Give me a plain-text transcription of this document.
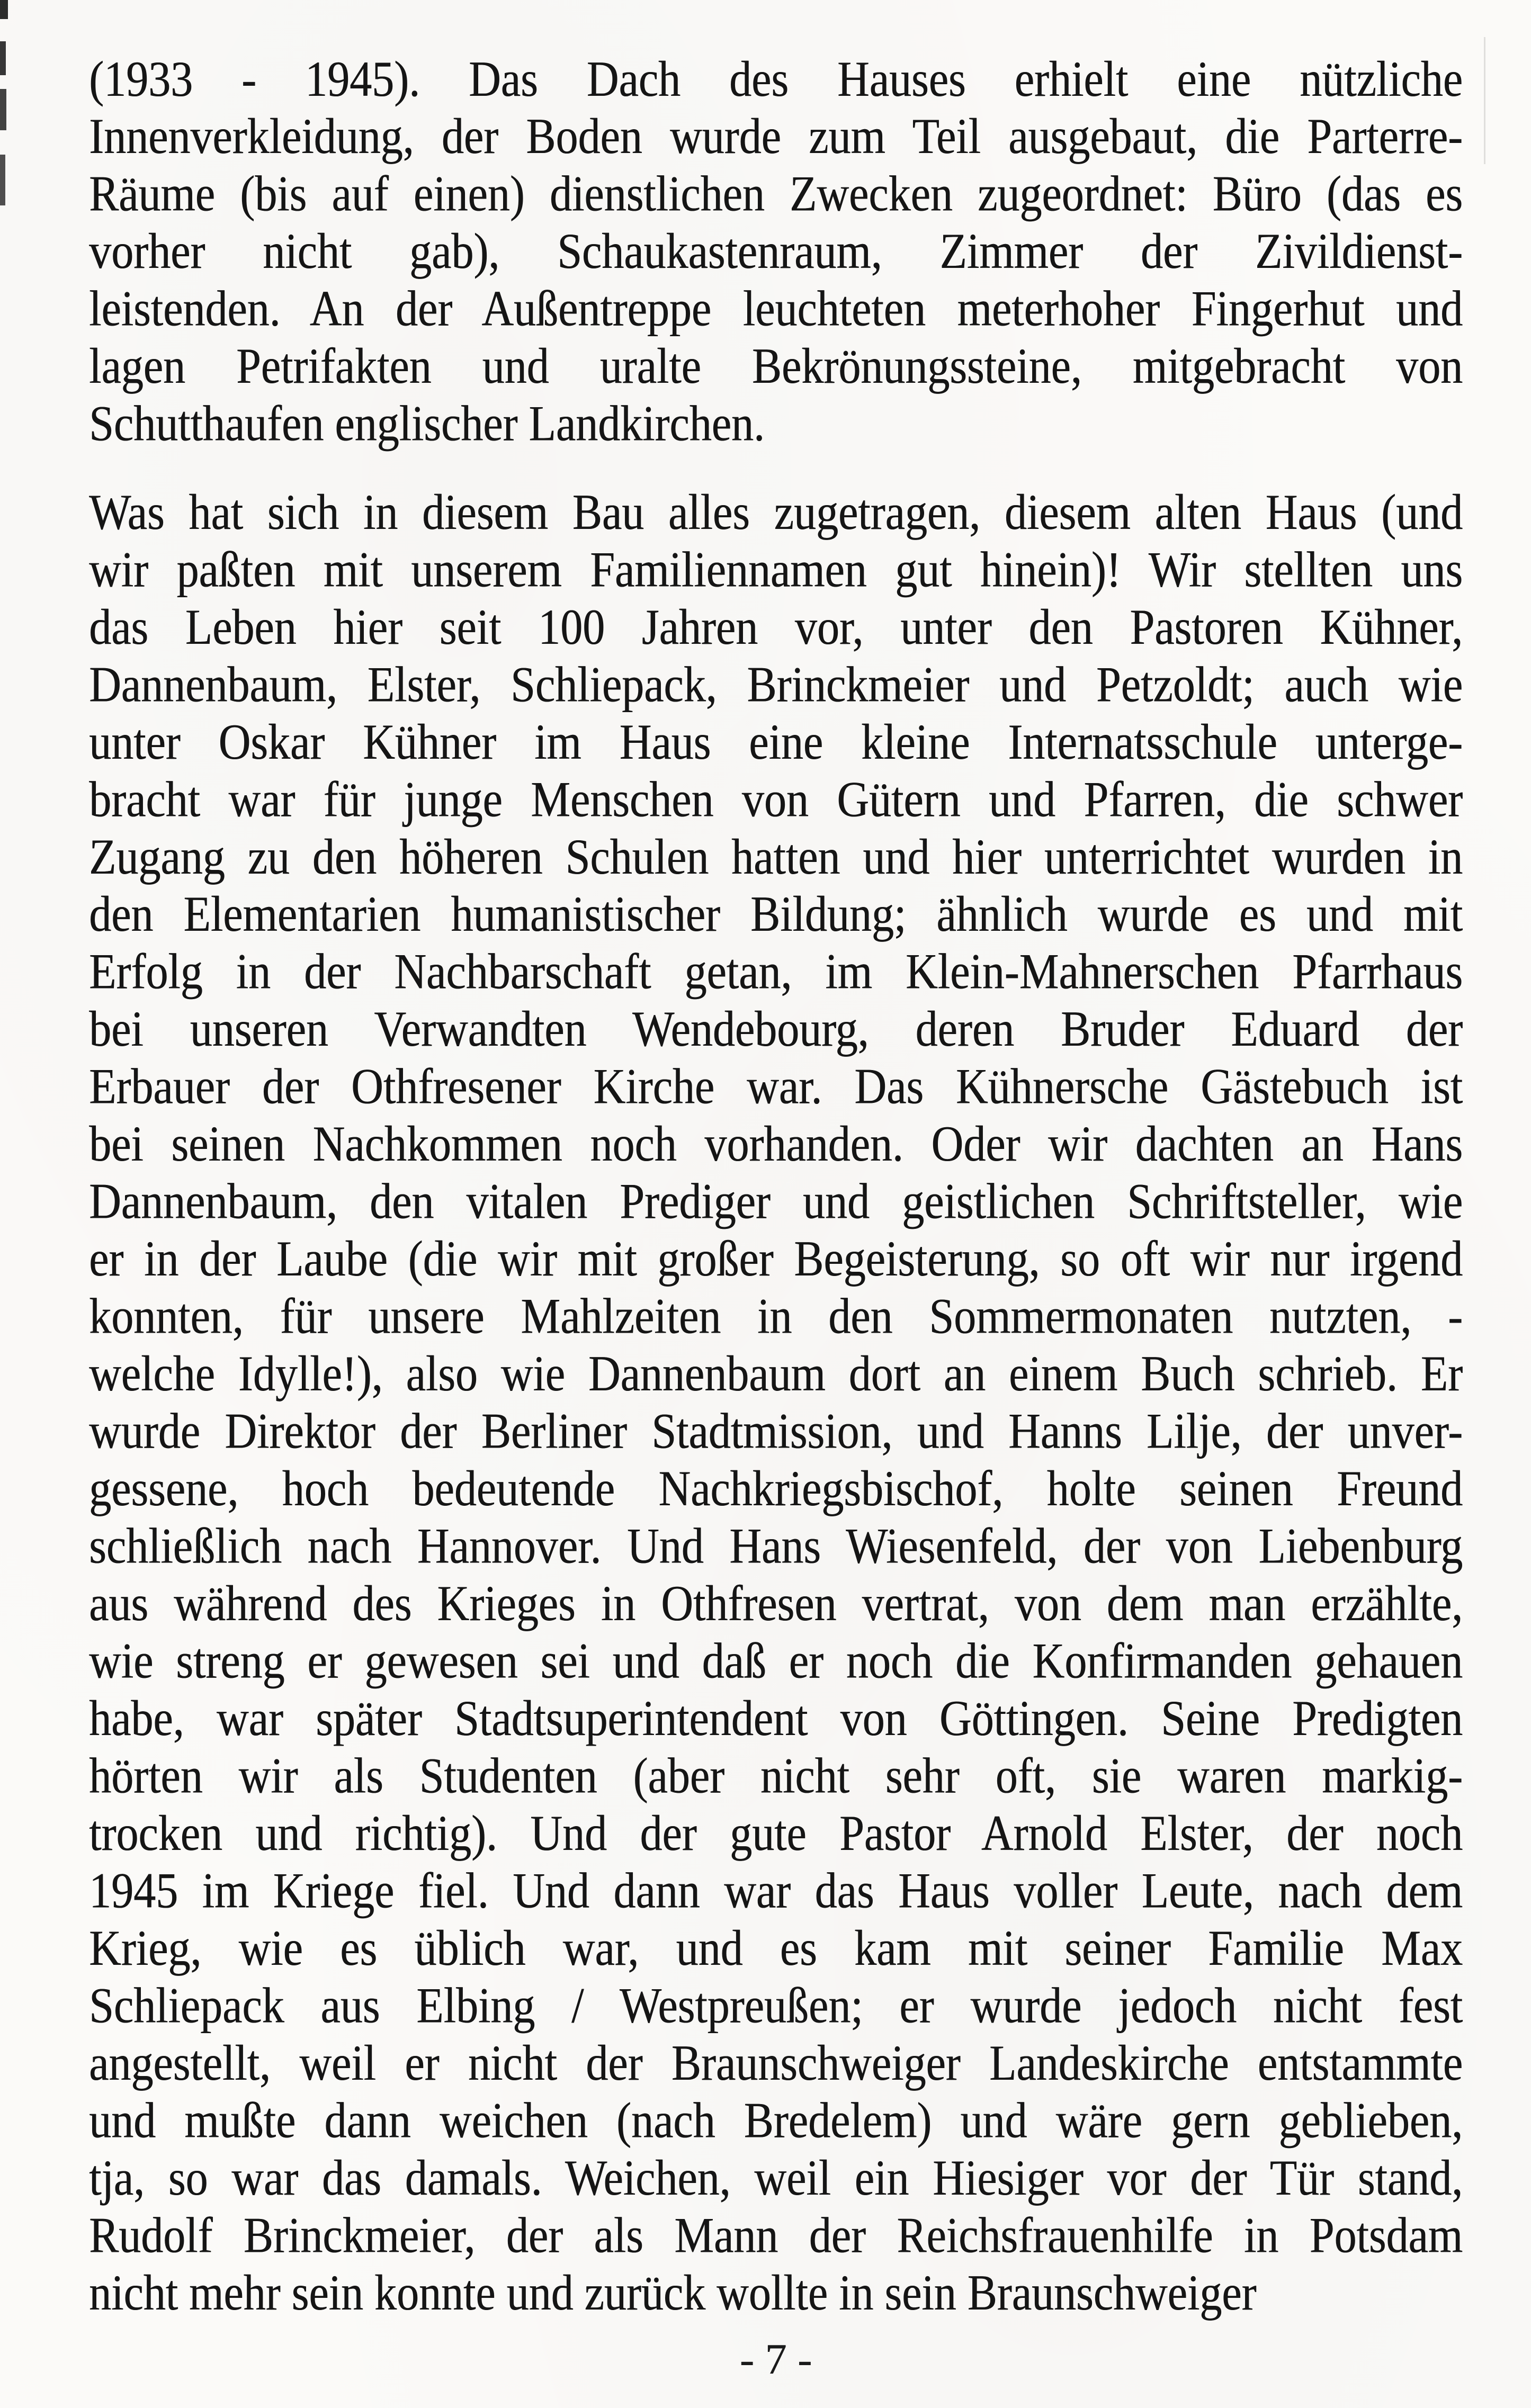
(1933 - 1945). Das Dach des Hauses erhielt eine nützliche
Innenverkleidung, der Boden wurde zum Teil ausgebaut, die Parterre-
Räume (bis auf einen) dienstlichen Zwecken zugeordnet: Büro (das es
vorher nicht gab), Schaukastenraum, Zimmer der Zivildienst-
leistenden. An der Außentreppe leuchteten meterhoher Fingerhut und
lagen Petrifakten und uralte Bekrönungssteine, mitgebracht von
Schutthaufen englischer Landkirchen.
Was hat sich in diesem Bau alles zugetragen, diesem alten Haus (und
wir paßten mit unserem Familiennamen gut hinein)! Wir stellten uns
das Leben hier seit 100 Jahren vor, unter den Pastoren Kühner,
Dannenbaum, Elster, Schliepack, Brinckmeier und Petzoldt; auch wie
unter Oskar Kühner im Haus eine kleine Internatsschule unterge-
bracht war für junge Menschen von Gütern und Pfarren, die schwer
Zugang zu den höheren Schulen hatten und hier unterrichtet wurden in
den Elementarien humanistischer Bildung; ähnlich wurde es und mit
Erfolg in der Nachbarschaft getan, im Klein-Mahnerschen Pfarrhaus
bei unseren Verwandten Wendebourg, deren Bruder Eduard der
Erbauer der Othfresener Kirche war. Das Kühnersche Gästebuch ist
bei seinen Nachkommen noch vorhanden. Oder wir dachten an Hans
Dannenbaum, den vitalen Prediger und geistlichen Schriftsteller, wie
er in der Laube (die wir mit großer Begeisterung, so oft wir nur irgend
konnten, für unsere Mahlzeiten in den Sommermonaten nutzten, -
welche Idylle!), also wie Dannenbaum dort an einem Buch schrieb. Er
wurde Direktor der Berliner Stadtmission, und Hanns Lilje, der unver-
gessene, hoch bedeutende Nachkriegsbischof, holte seinen Freund
schließlich nach Hannover. Und Hans Wiesenfeld, der von Liebenburg
aus während des Krieges in Othfresen vertrat, von dem man erzählte,
wie streng er gewesen sei und daß er noch die Konfirmanden gehauen
habe, war später Stadtsuperintendent von Göttingen. Seine Predigten
hörten wir als Studenten (aber nicht sehr oft, sie waren markig-
trocken und richtig). Und der gute Pastor Arnold Elster, der noch
1945 im Kriege fiel. Und dann war das Haus voller Leute, nach dem
Krieg, wie es üblich war, und es kam mit seiner Familie Max
Schliepack aus Elbing / Westpreußen; er wurde jedoch nicht fest
angestellt, weil er nicht der Braunschweiger Landeskirche entstammte
und mußte dann weichen (nach Bredelem) und wäre gern geblieben,
tja, so war das damals. Weichen, weil ein Hiesiger vor der Tür stand,
Rudolf Brinckmeier, der als Mann der Reichsfrauenhilfe in Potsdam
nicht mehr sein konnte und zurück wollte in sein Braunschweiger
- 7 -
